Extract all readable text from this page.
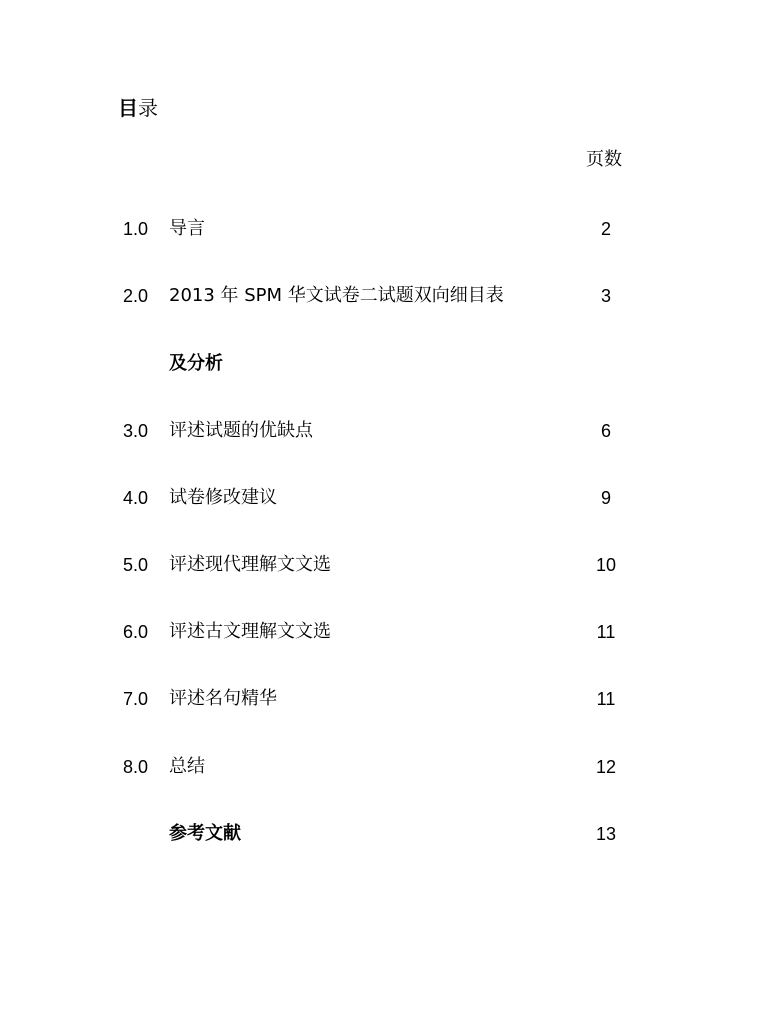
目录
页数
1.0 导言	2
2.0 2013 年 SPM 华文试卷二试题双向细目表	3
及分析
3.0 评述试题的优缺点	6
4.0 试卷修改建议	9
5.0 评述现代理解文文选	10
6.0 评述古文理解文文选	11
7.0 评述名句精华	11
8.0 总结	12
参考文献	13
